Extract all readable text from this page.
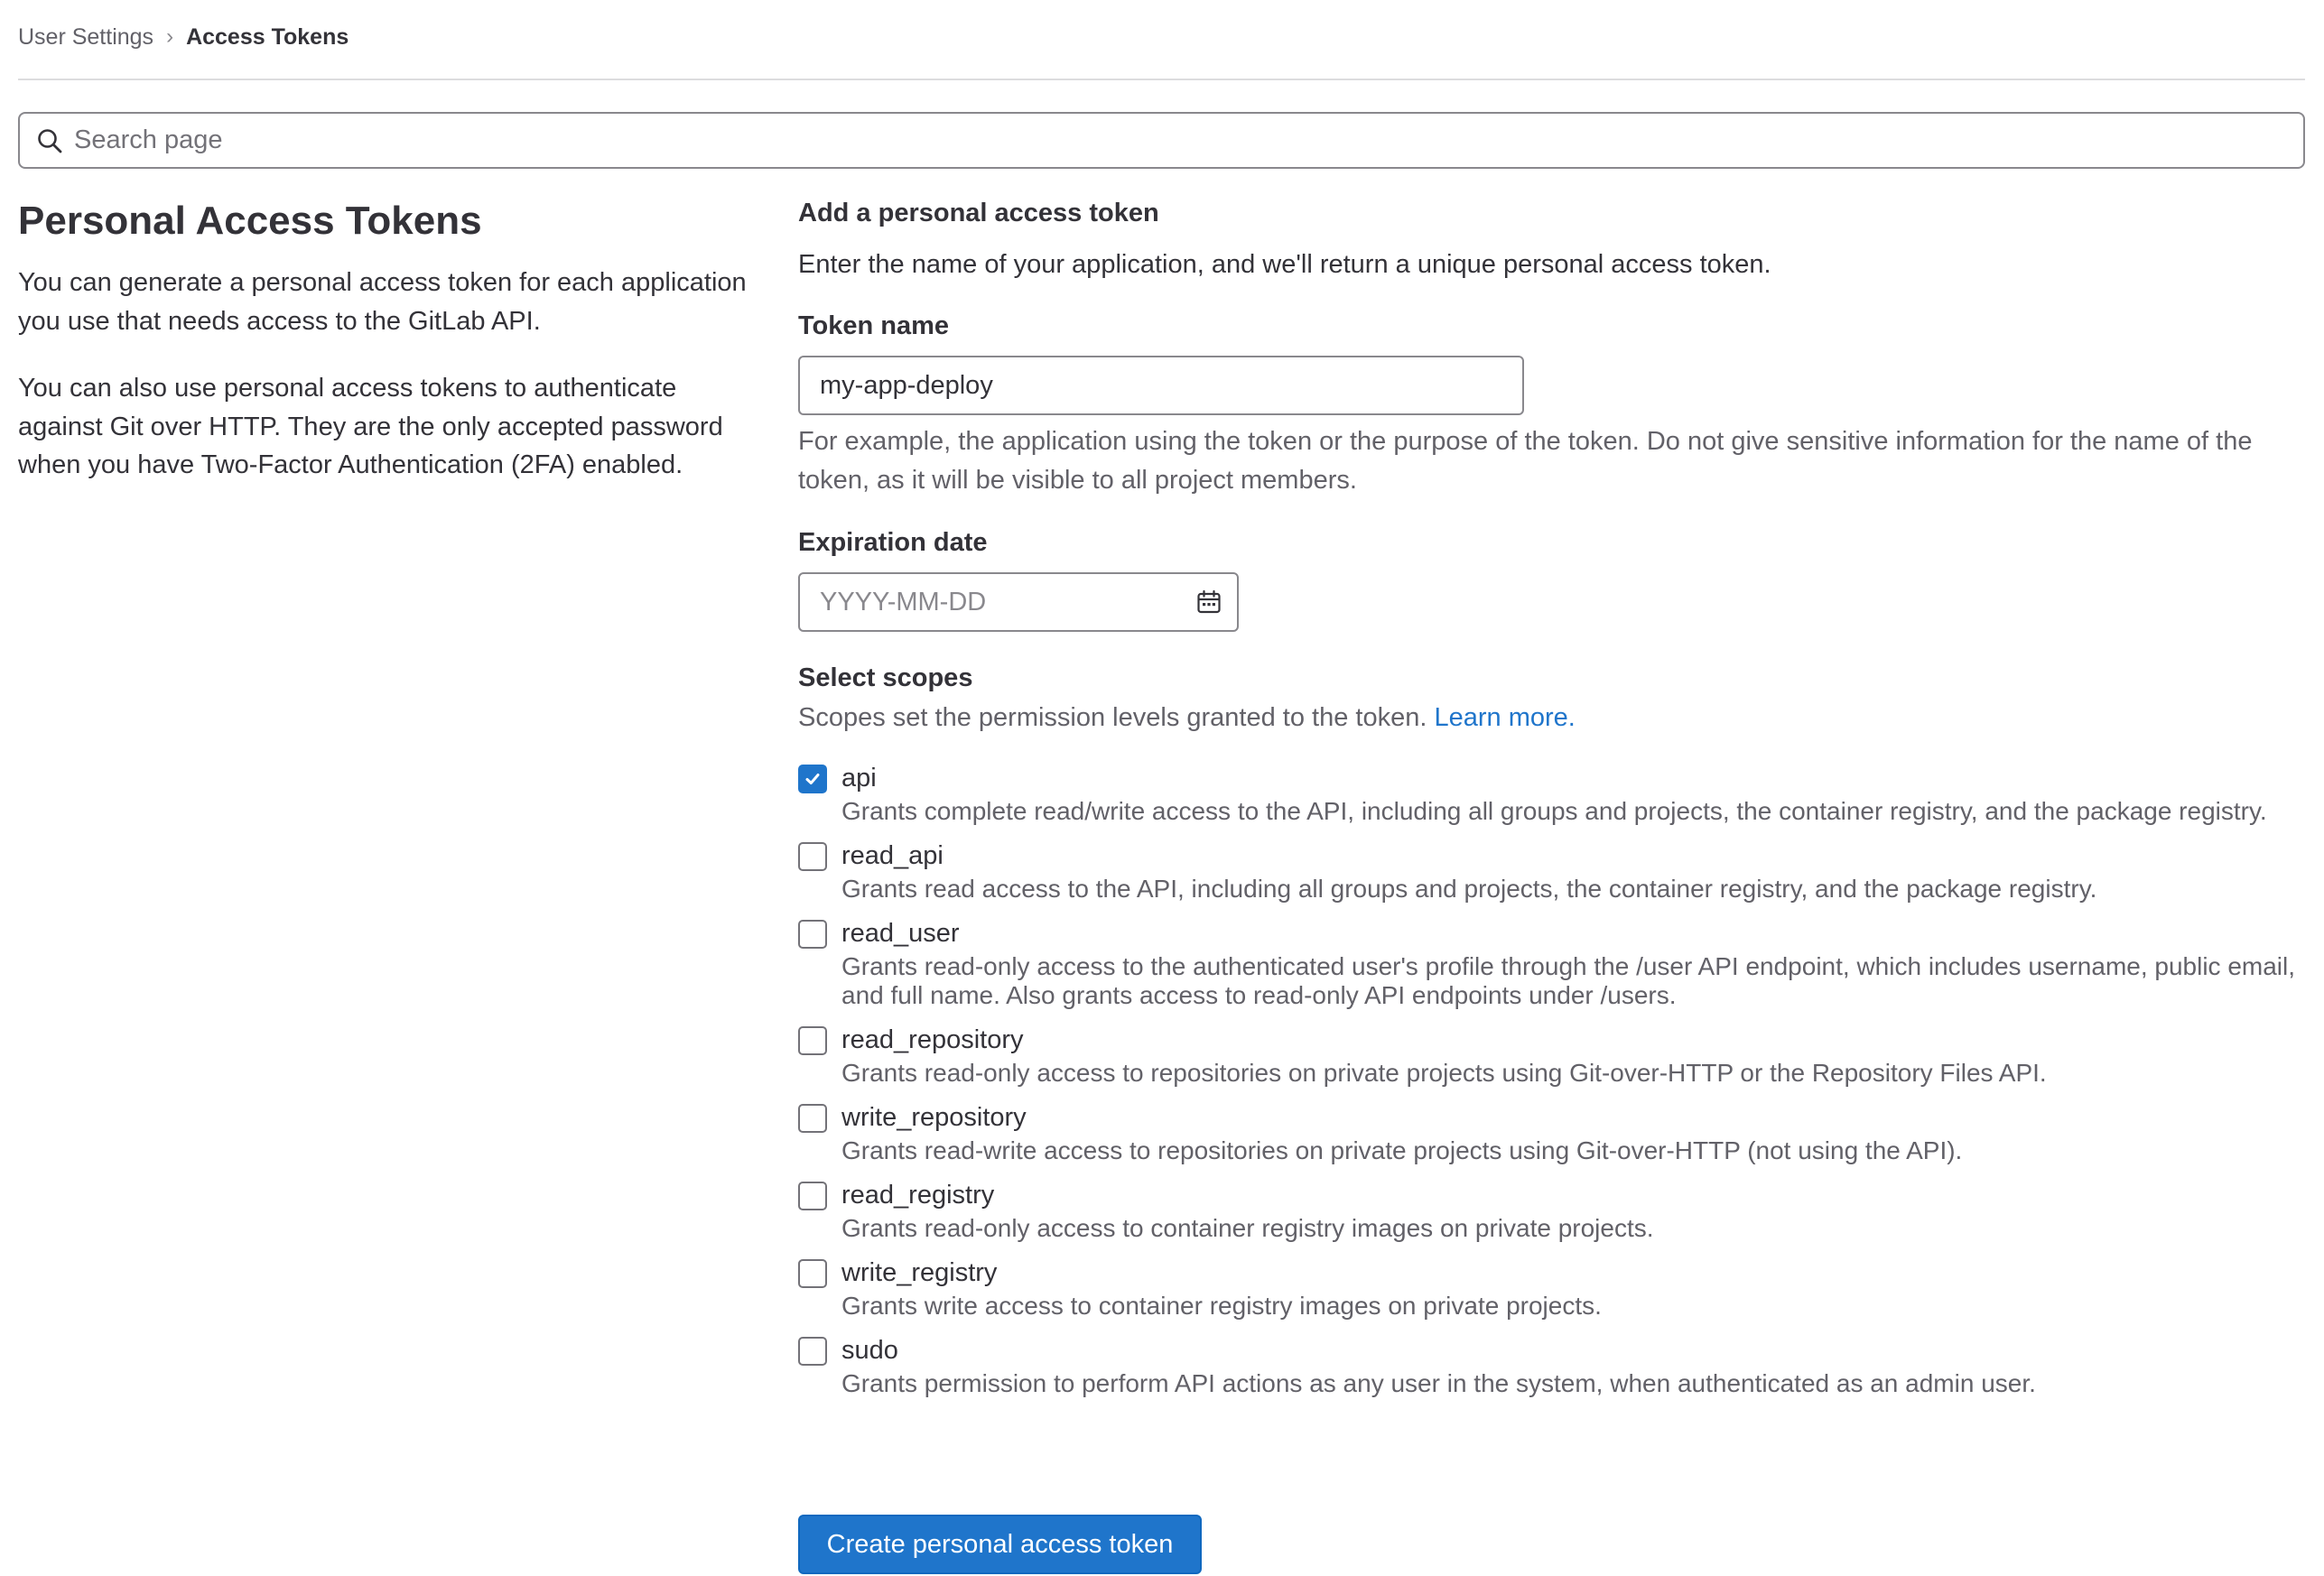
User Settings › Access Tokens
Search page
Personal Access Tokens

You can generate a personal access token for each application you use that needs access to the GitLab API.

You can also use personal access tokens to authenticate against Git over HTTP. They are the only accepted password when you have Two-Factor Authentication (2FA) enabled.

Add a personal access token

Enter the name of your application, and we'll return a unique personal access token.

Token name
my-app-deploy

For example, the application using the token or the purpose of the token. Do not give sensitive information for the name of the token, as it will be visible to all project members.

Expiration date
YYYY-MM-DD
Select scopes

Scopes set the permission levels granted to the token. Learn more.

api
Grants complete read/write access to the API, including all groups and projects, the container registry, and the package registry.
read_api
Grants read access to the API, including all groups and projects, the container registry, and the package registry.
read_user
Grants read-only access to the authenticated user's profile through the /user API endpoint, which includes username, public email, and full name. Also grants access to read-only API endpoints under /users.
read_repository
Grants read-only access to repositories on private projects using Git-over-HTTP or the Repository Files API.
write_repository
Grants read-write access to repositories on private projects using Git-over-HTTP (not using the API).
read_registry
Grants read-only access to container registry images on private projects.
write_registry
Grants write access to container registry images on private projects.
sudo
Grants permission to perform API actions as any user in the system, when authenticated as an admin user.
Create personal access token
